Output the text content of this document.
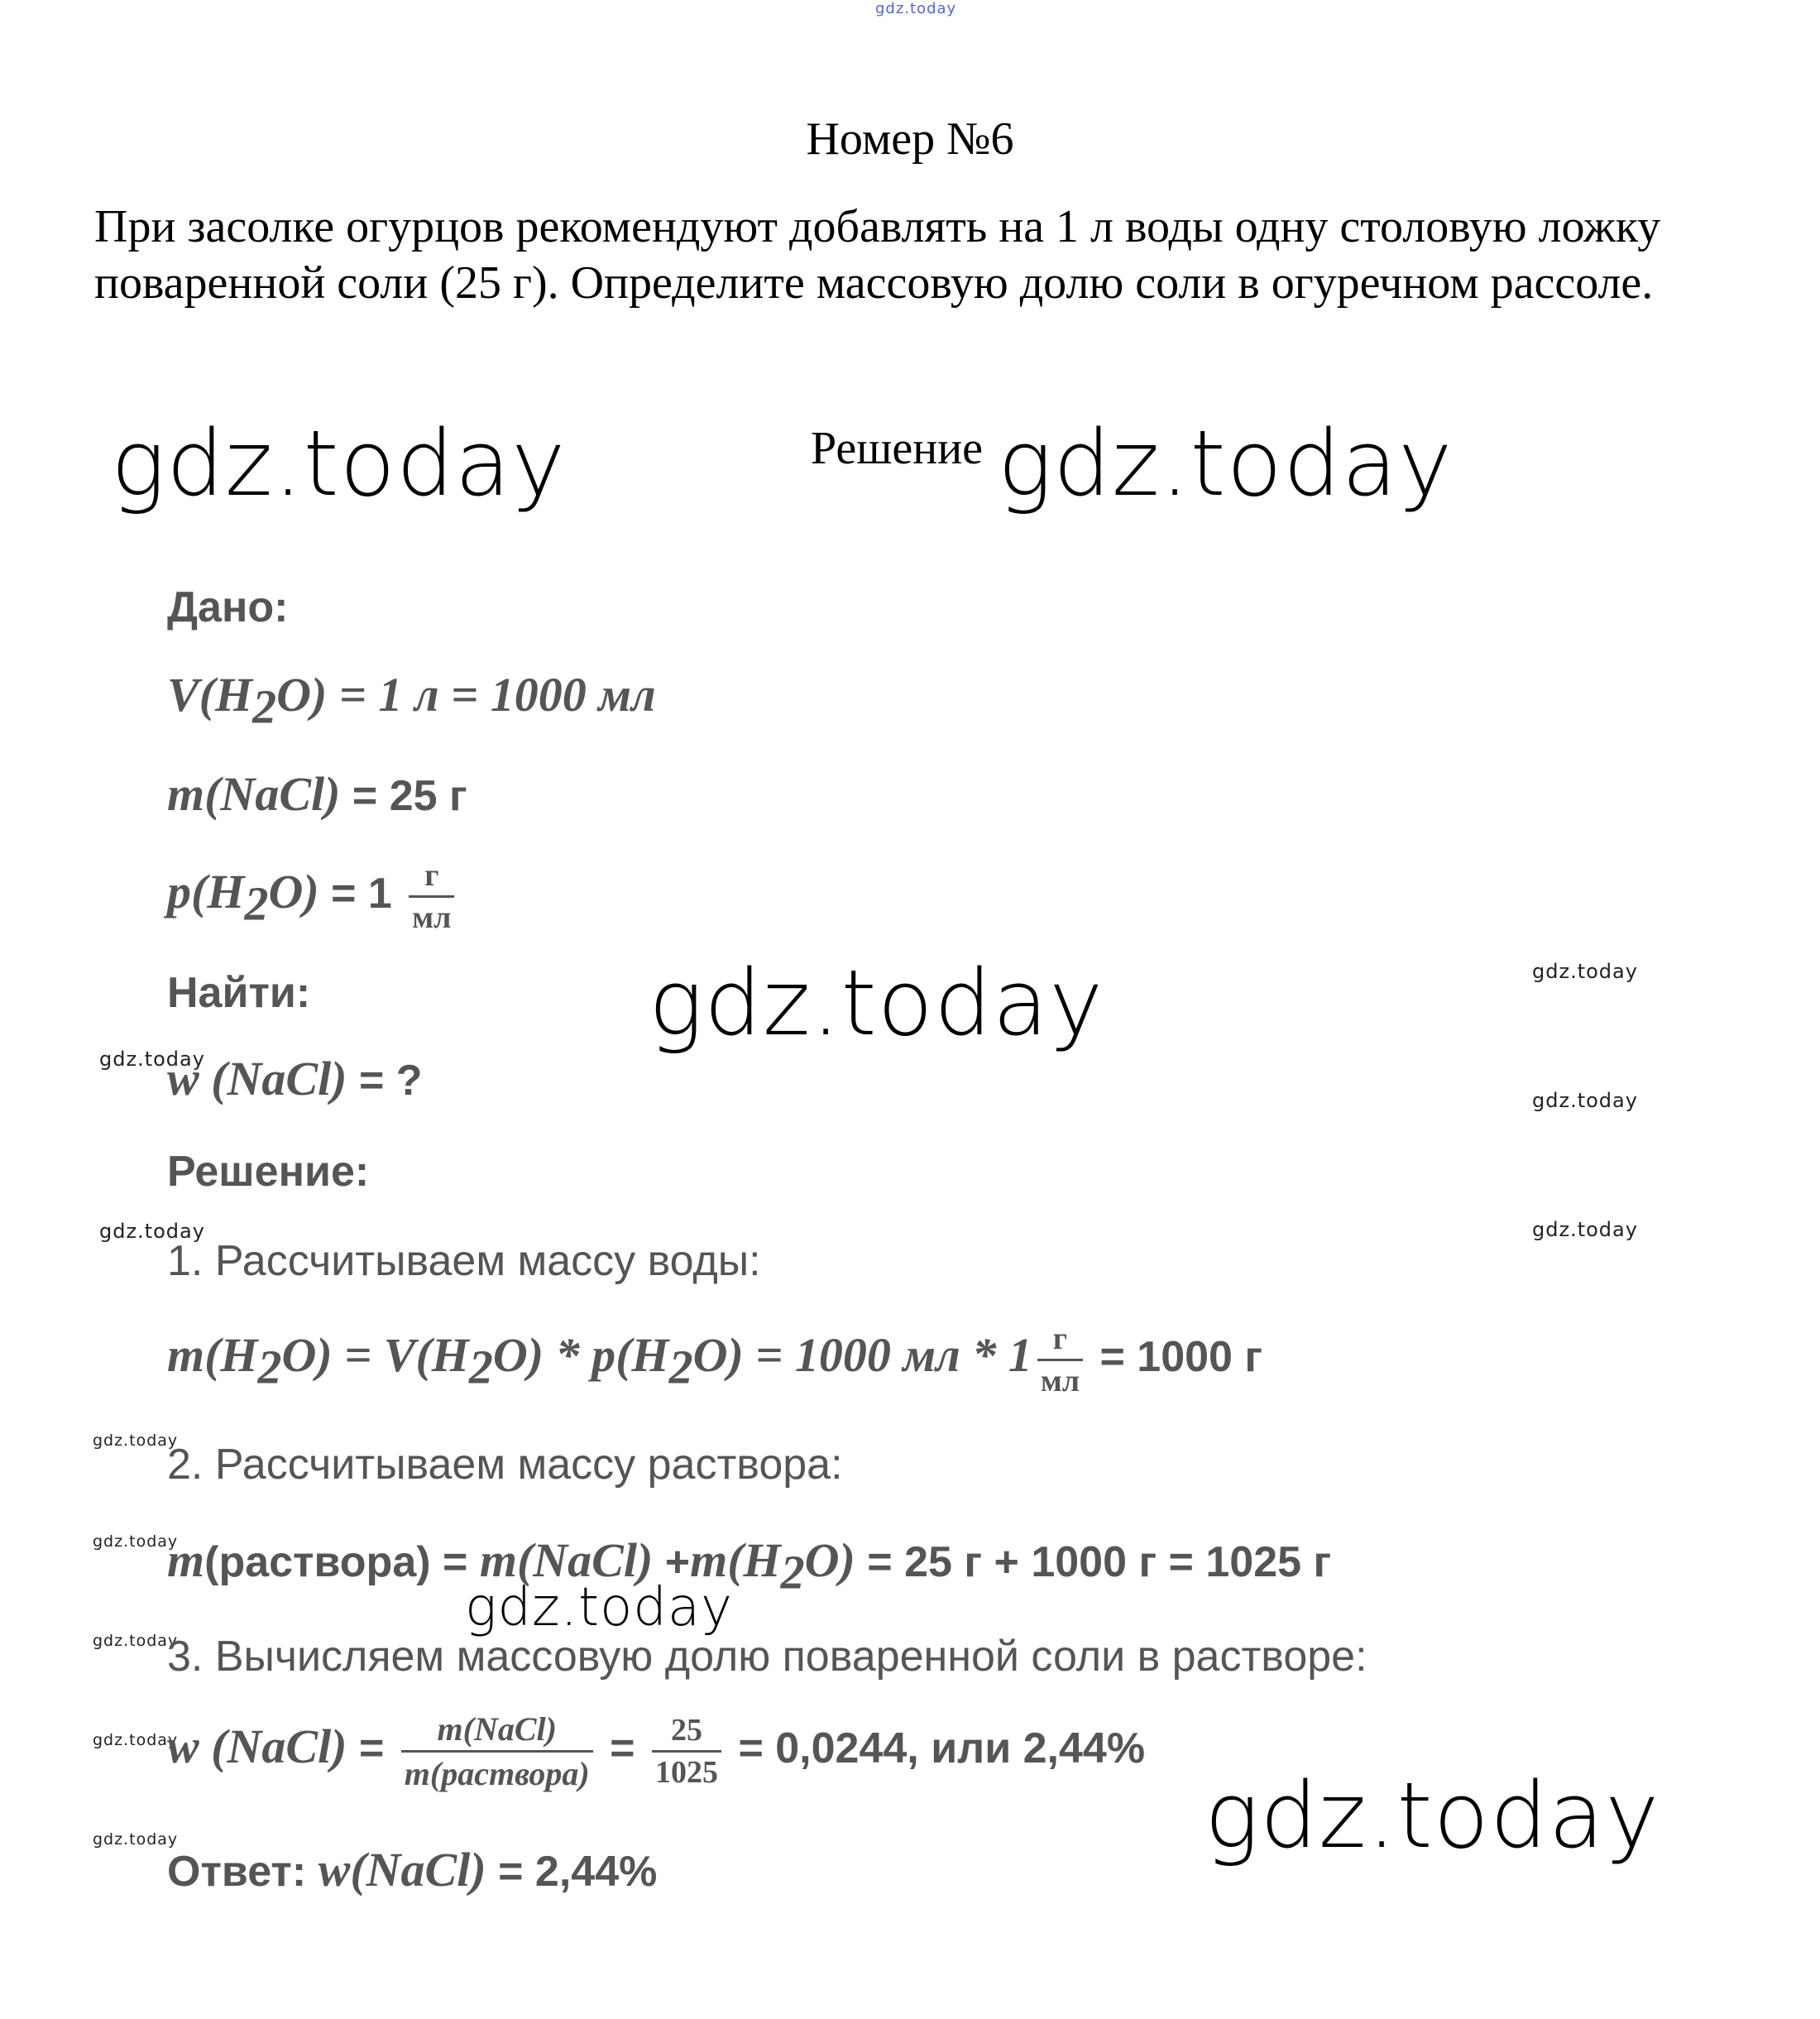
gdz.today
Номер №6
При засолке огурцов рекомендуют добавлять на 1 л воды одну столовую ложку поваренной соли (25 г). Определите массовую долю соли в огуречном рассоле.
Решение
gdz.today	gdz.today
gdz.today
gdz.today
gdz.today
gdz.today
gdz.today
gdz.today
gdz.today
gdz.today
gdz.today
gdz.today
gdz.today
gdz.today
gdz.today
Дано:
$V(H_2O) = 1$ л = 1000 мл
m(NaCl) = 25 г
$p(H_2O) = 1 \frac{г}{мл}$
Найти:
w (NaCl) = ?
Решение:
1. Рассчитываем массу воды:
$m(H_2O) = V(H_2O) * p(H_2O) = 1000$ мл * $1 \frac{г}{мл} = 1000$ г
2. Рассчитываем массу раствора:
m(раствора) = m(NaCl) $+m(H_2O) = 25$ г + 1000 г = 1025 г
3. Вычисляем массовую долю поваренной соли в растворе:
w (NaCl) = $\frac{\text{m(NaCl)}}{\text{m(раствора)}} = \frac{25}{1025} = 0,0244$, или 2,44%
Ответ: w(NaCl) = 2,44%
